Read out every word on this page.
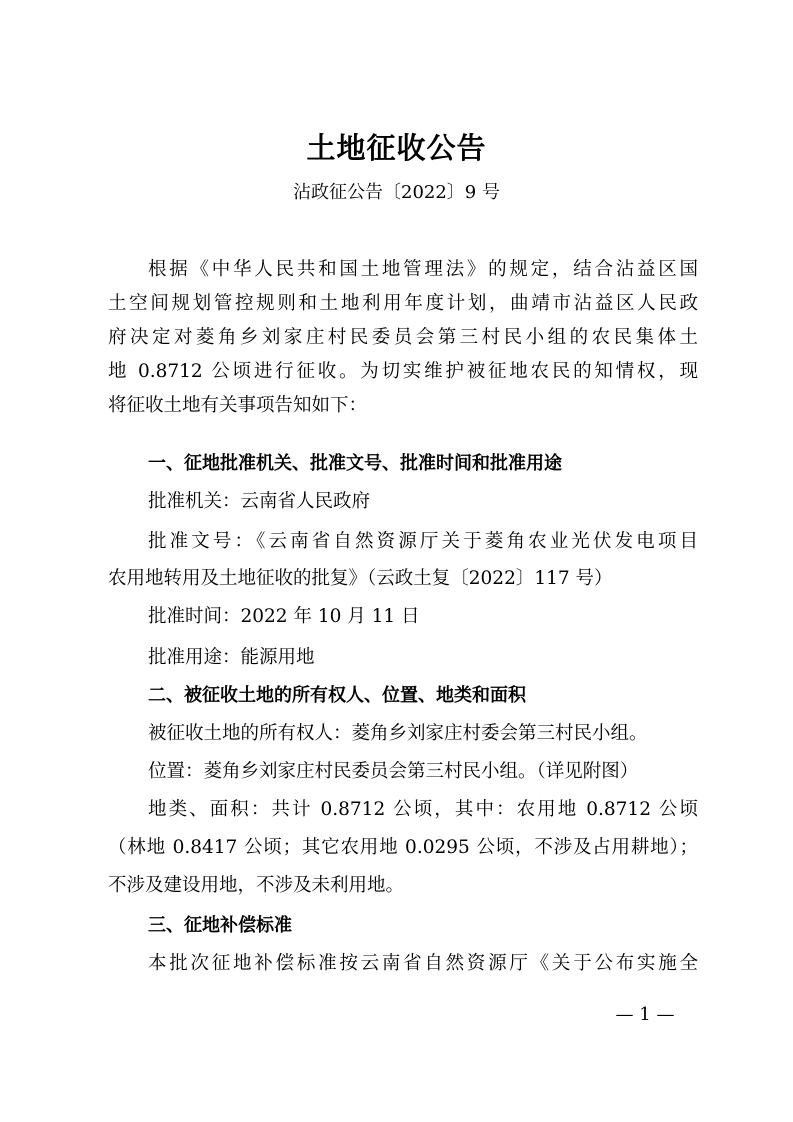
土地征收公告
沾政征公告〔2022〕9 号
根据《中华人民共和国土地管理法》的规定，结合沾益区国
土空间规划管控规则和土地利用年度计划，曲靖市沾益区人民政
府决定对菱角乡刘家庄村民委员会第三村民小组的农民集体土
地 0.8712 公顷进行征收。为切实维护被征地农民的知情权，现
将征收土地有关事项告知如下：
一、征地批准机关、批准文号、批准时间和批准用途
批准机关：云南省人民政府
批准文号：《云南省自然资源厅关于菱角农业光伏发电项目
农用地转用及土地征收的批复》（云政土复〔2022〕117 号）
批准时间：2022 年 10 月 11 日
批准用途：能源用地
二、被征收土地的所有权人、位置、地类和面积
被征收土地的所有权人：菱角乡刘家庄村委会第三村民小组。
位置：菱角乡刘家庄村民委员会第三村民小组。（详见附图）
地类、面积：共计 0.8712 公顷，其中：农用地 0.8712 公顷
（林地 0.8417 公顷；其它农用地 0.0295 公顷，不涉及占用耕地）；
不涉及建设用地，不涉及未利用地。
三、征地补偿标准
本批次征地补偿标准按云南省自然资源厅《关于公布实施全
— 1 —
